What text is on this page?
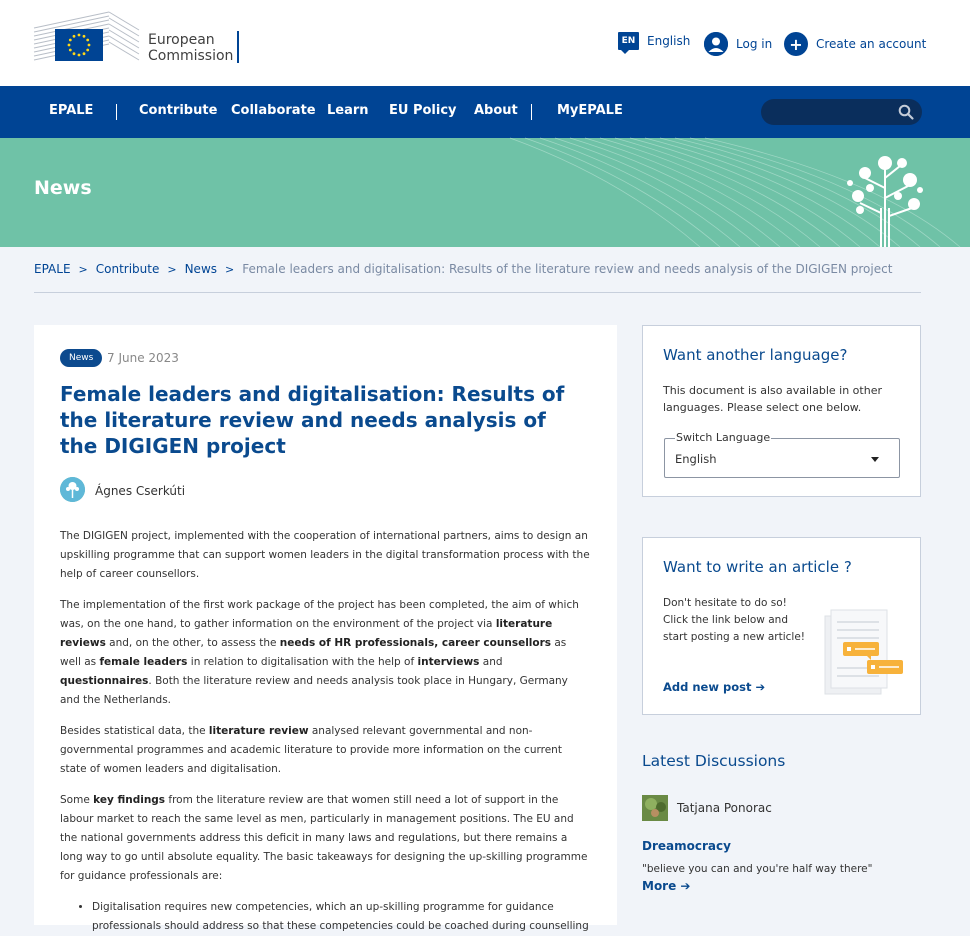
European
Commission
EN English	Log in	+	Create an account
EPALE	Contribute Collaborate Learn EU Policy About	MyEPALE
News
EPALE > Contribute > News > Female leaders and digitalisation: Results of the literature review and needs analysis of the DIGIGEN project
News	7 June 2023
Female leaders and digitalisation: Results of the literature review and needs analysis of the DIGIGEN project
Ágnes Cserkúti

The DIGIGEN project, implemented with the cooperation of international partners, aims to design an upskilling programme that can support women leaders in the digital transformation process with the help of career counsellors.

The implementation of the first work package of the project has been completed, the aim of which was, on the one hand, to gather information on the environment of the project via literature reviews and, on the other, to assess the needs of HR professionals, career counsellors as well as female leaders in relation to digitalisation with the help of interviews and questionnaires. Both the literature review and needs analysis took place in Hungary, Germany and the Netherlands.

Besides statistical data, the literature review analysed relevant governmental and non-governmental programmes and academic literature to provide more information on the current state of women leaders and digitalisation.

Some key findings from the literature review are that women still need a lot of support in the labour market to reach the same level as men, particularly in management positions. The EU and the national governments address this deficit in many laws and regulations, but there remains a long way to go until absolute equality. The basic takeaways for designing the up-skilling programme for guidance professionals are:

• Digitalisation requires new competencies, which an up-skilling programme for guidance professionals should address so that these competencies could be coached during counselling
Want another language?
This document is also available in other languages. Please select one below.
Switch Language
English
Want to write an article ?
Don't hesitate to do so!
Click the link below and
start posting a new article!
Add new post ➔
Latest Discussions
Tatjana Ponorac
Dreamocracy
"believe you can and you're half way there"
More ➔
